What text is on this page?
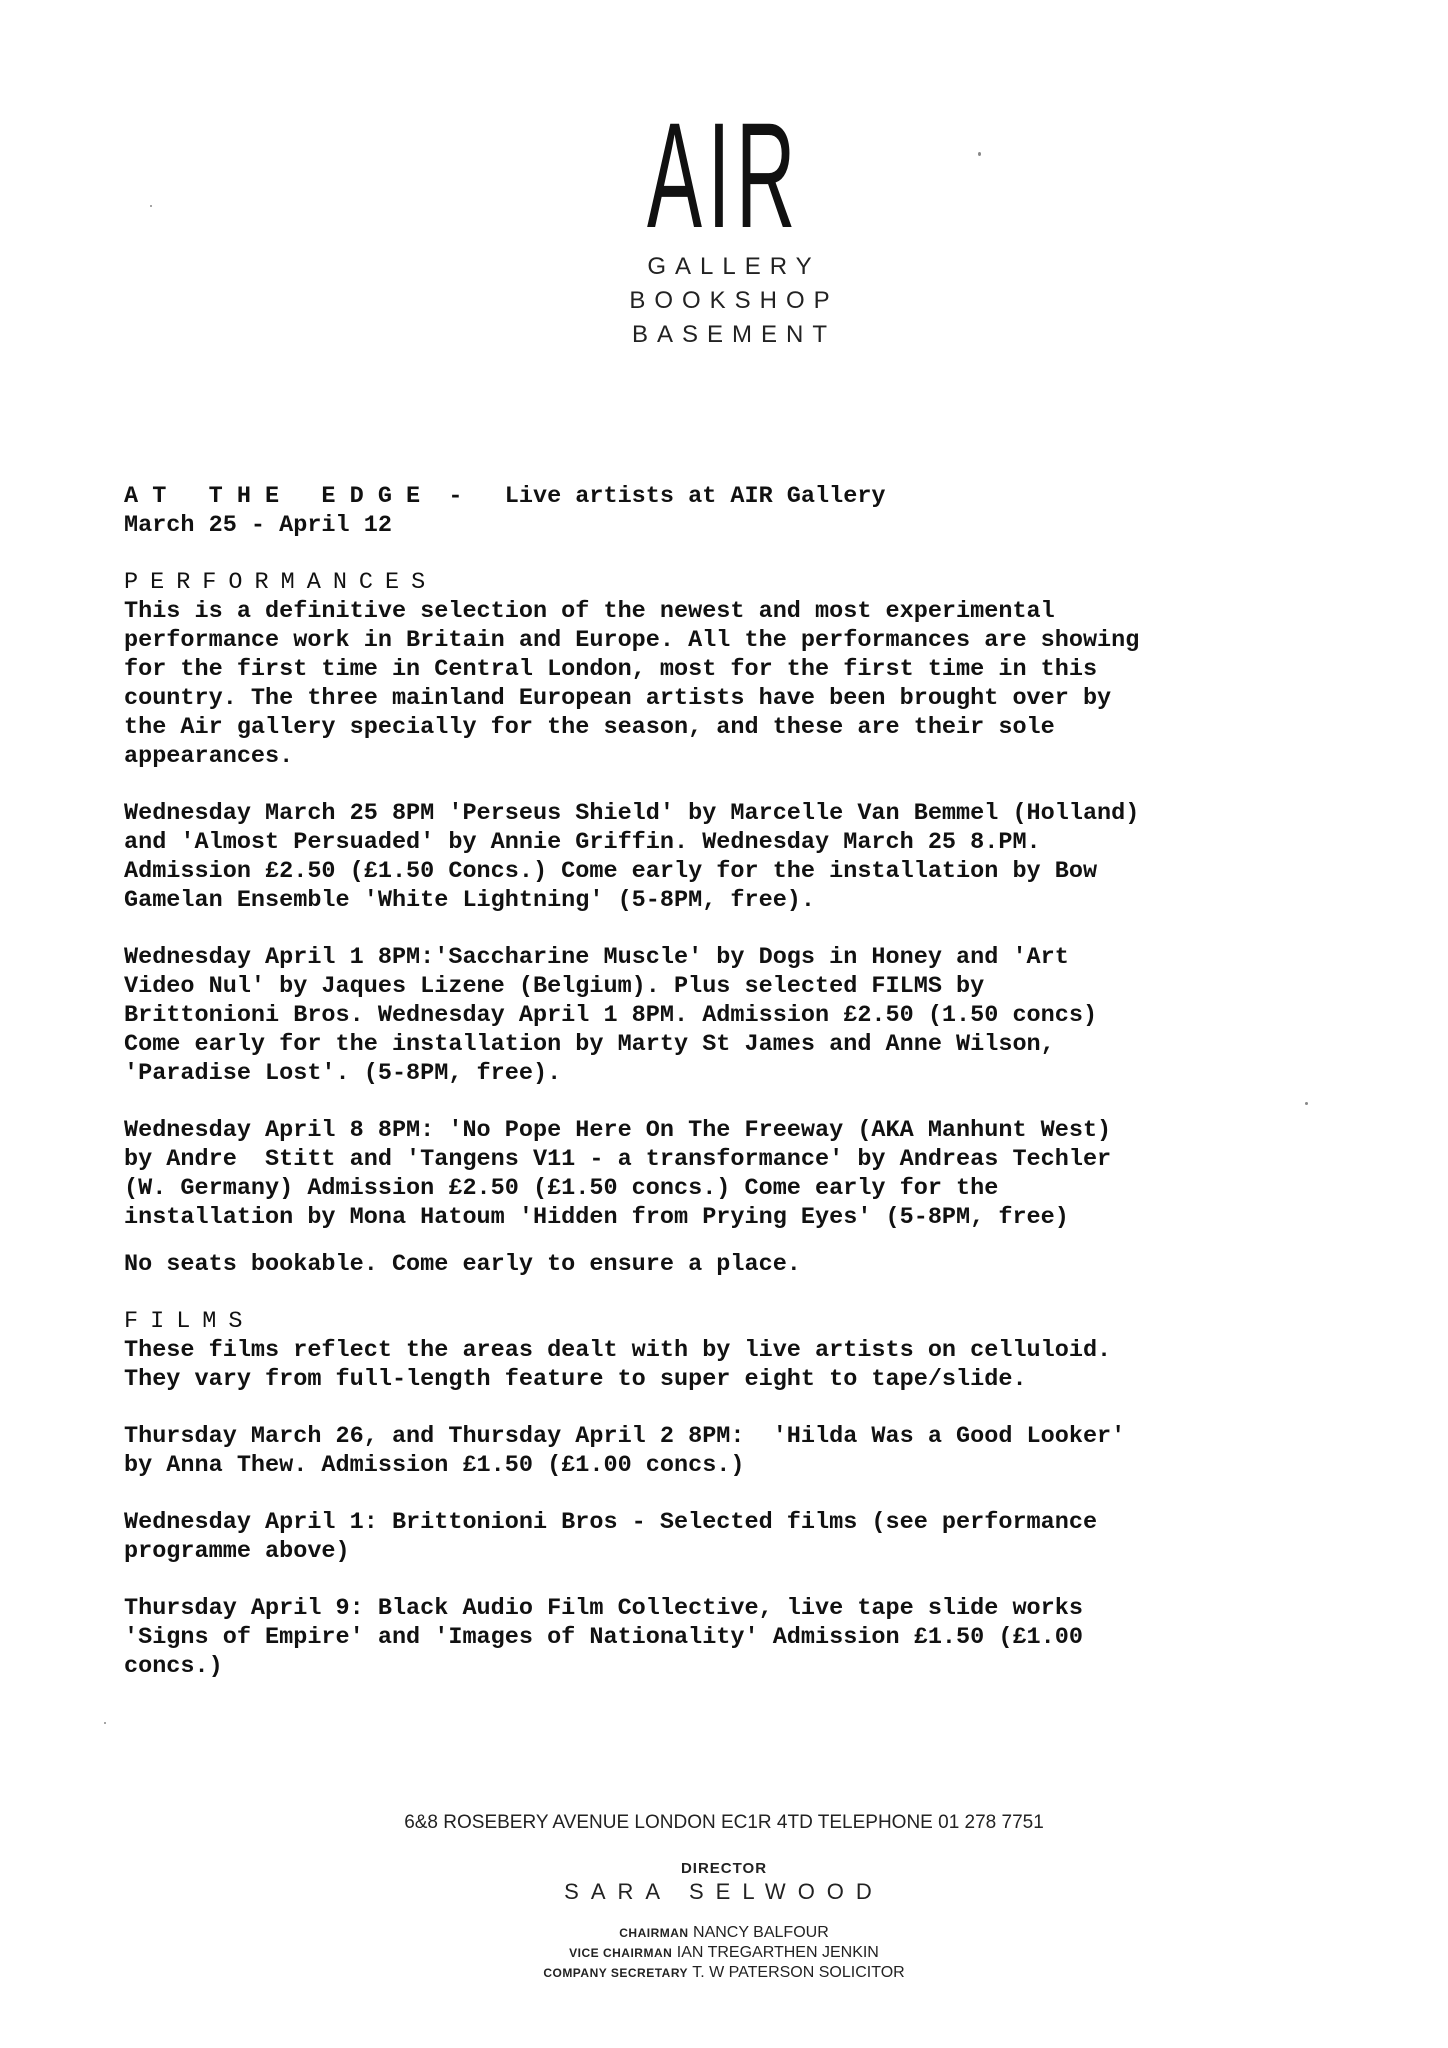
AIR
GALLERY
BOOKSHOP
BASEMENT

A T   T H E   E D G E  -   Live artists at AIR Gallery

March 25 - April 12

PERFORMANCES

This is a definitive selection of the newest and most experimental
performance work in Britain and Europe. All the performances are showing
for the first time in Central London, most for the first time in this
country. The three mainland European artists have been brought over by
the Air gallery specially for the season, and these are their sole
appearances.

Wednesday March 25 8PM 'Perseus Shield' by Marcelle Van Bemmel (Holland)
and 'Almost Persuaded' by Annie Griffin. Wednesday March 25 8.PM.
Admission £2.50 (£1.50 Concs.) Come early for the installation by Bow
Gamelan Ensemble 'White Lightning' (5-8PM, free).

Wednesday April 1 8PM:'Saccharine Muscle' by Dogs in Honey and 'Art
Video Nul' by Jaques Lizene (Belgium). Plus selected FILMS by
Brittonioni Bros. Wednesday April 1 8PM. Admission £2.50 (1.50 concs)
Come early for the installation by Marty St James and Anne Wilson,
'Paradise Lost'. (5-8PM, free).

Wednesday April 8 8PM: 'No Pope Here On The Freeway (AKA Manhunt West)
by Andre  Stitt and 'Tangens V11 - a transformance' by Andreas Techler
(W. Germany) Admission £2.50 (£1.50 concs.) Come early for the
installation by Mona Hatoum 'Hidden from Prying Eyes' (5-8PM, free)

No seats bookable. Come early to ensure a place.

FILMS

These films reflect the areas dealt with by live artists on celluloid.
They vary from full-length feature to super eight to tape/slide.

Thursday March 26, and Thursday April 2 8PM:  'Hilda Was a Good Looker'
by Anna Thew. Admission £1.50 (£1.00 concs.)

Wednesday April 1: Brittonioni Bros - Selected films (see performance
programme above)

Thursday April 9: Black Audio Film Collective, live tape slide works
'Signs of Empire' and 'Images of Nationality' Admission £1.50 (£1.00
concs.)

6&8 ROSEBERY AVENUE LONDON EC1R 4TD TELEPHONE 01 278 7751
DIRECTOR
SARA SELWOOD
CHAIRMAN NANCY BALFOUR
VICE CHAIRMAN IAN TREGARTHEN JENKIN
COMPANY SECRETARY T. W PATERSON SOLICITOR
